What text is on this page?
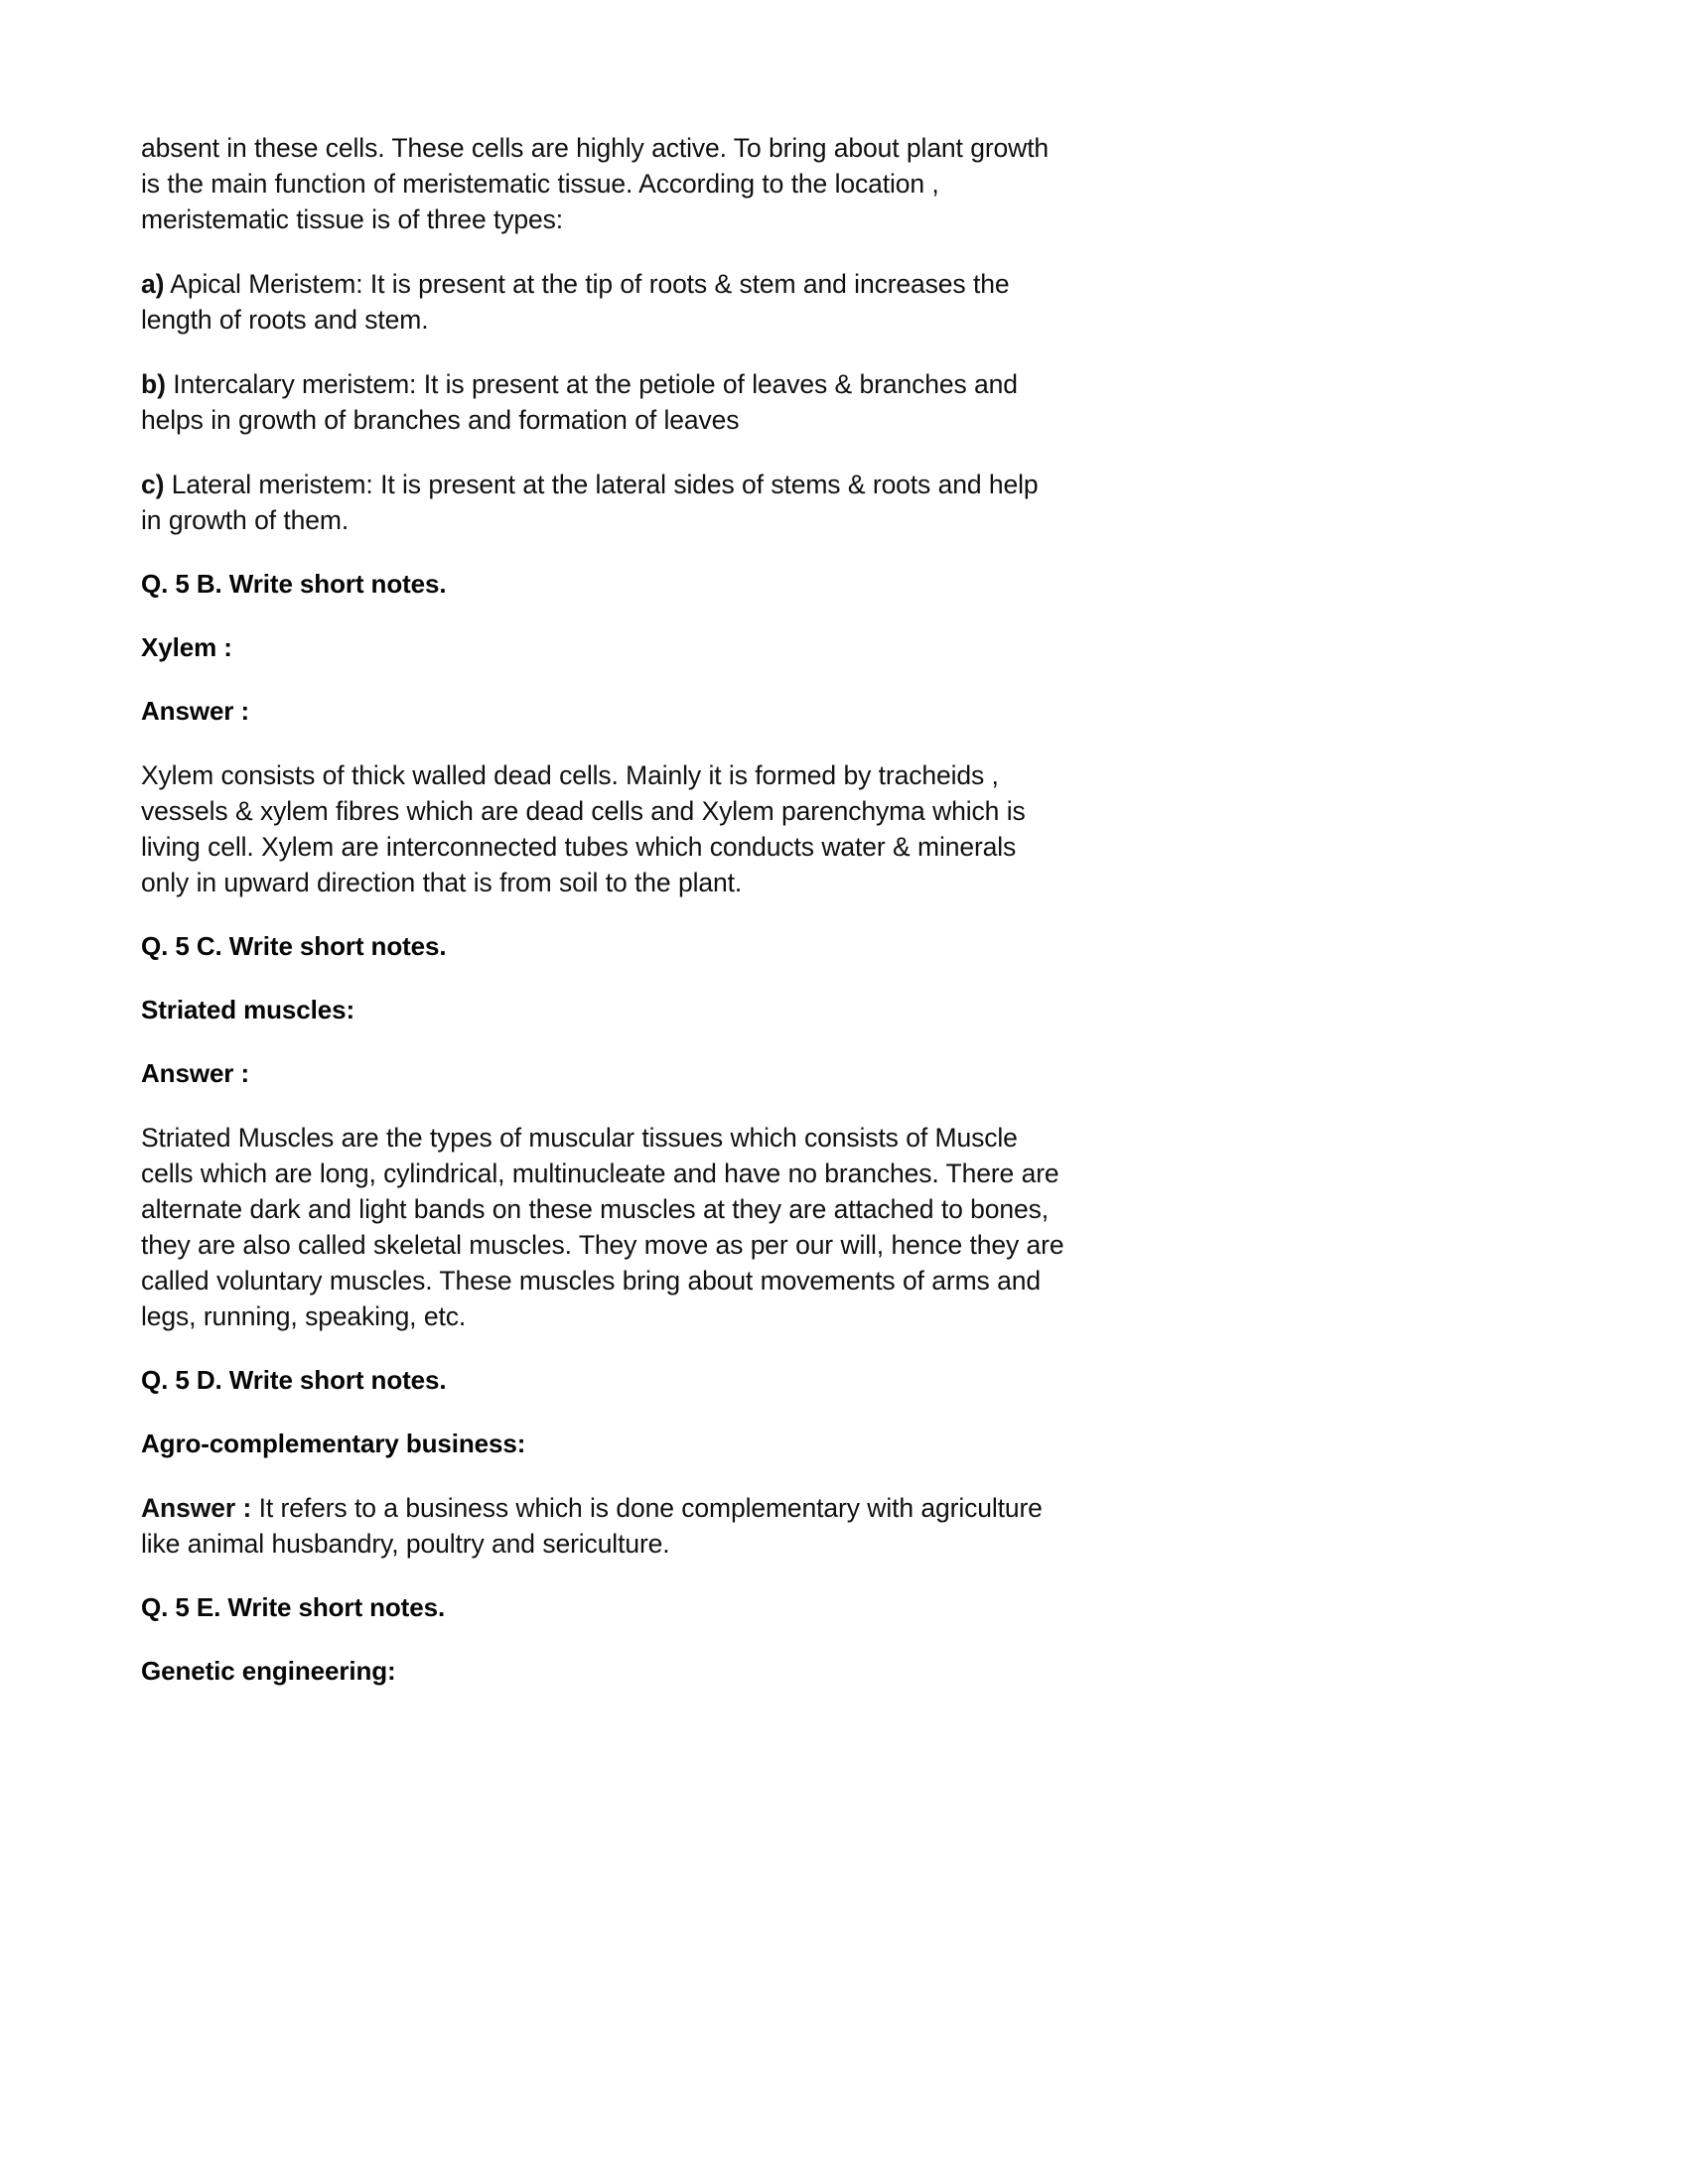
absent in these cells. These cells are highly active. To bring about plant growth is the main function of meristematic tissue. According to the location , meristematic tissue is of three types:

a) Apical Meristem: It is present at the tip of roots & stem and increases the length of roots and stem.

b) Intercalary meristem: It is present at the petiole of leaves & branches and helps in growth of branches and formation of leaves

c) Lateral meristem: It is present at the lateral sides of stems & roots and help in growth of them.

Q. 5 B. Write short notes.
Xylem :
Answer :

Xylem consists of thick walled dead cells. Mainly it is formed by tracheids , vessels & xylem fibres which are dead cells and Xylem parenchyma which is living cell. Xylem are interconnected tubes which conducts water & minerals only in upward direction that is from soil to the plant.

Q. 5 C. Write short notes.
Striated muscles:
Answer :

Striated Muscles are the types of muscular tissues which consists of Muscle cells which are long, cylindrical, multinucleate and have no branches. There are alternate dark and light bands on these muscles at they are attached to bones, they are also called skeletal muscles. They move as per our will, hence they are called voluntary muscles. These muscles bring about movements of arms and legs, running, speaking, etc.

Q. 5 D. Write short notes.
Agro-complementary business:

Answer : It refers to a business which is done complementary with agriculture like animal husbandry, poultry and sericulture.

Q. 5 E. Write short notes.
Genetic engineering:
